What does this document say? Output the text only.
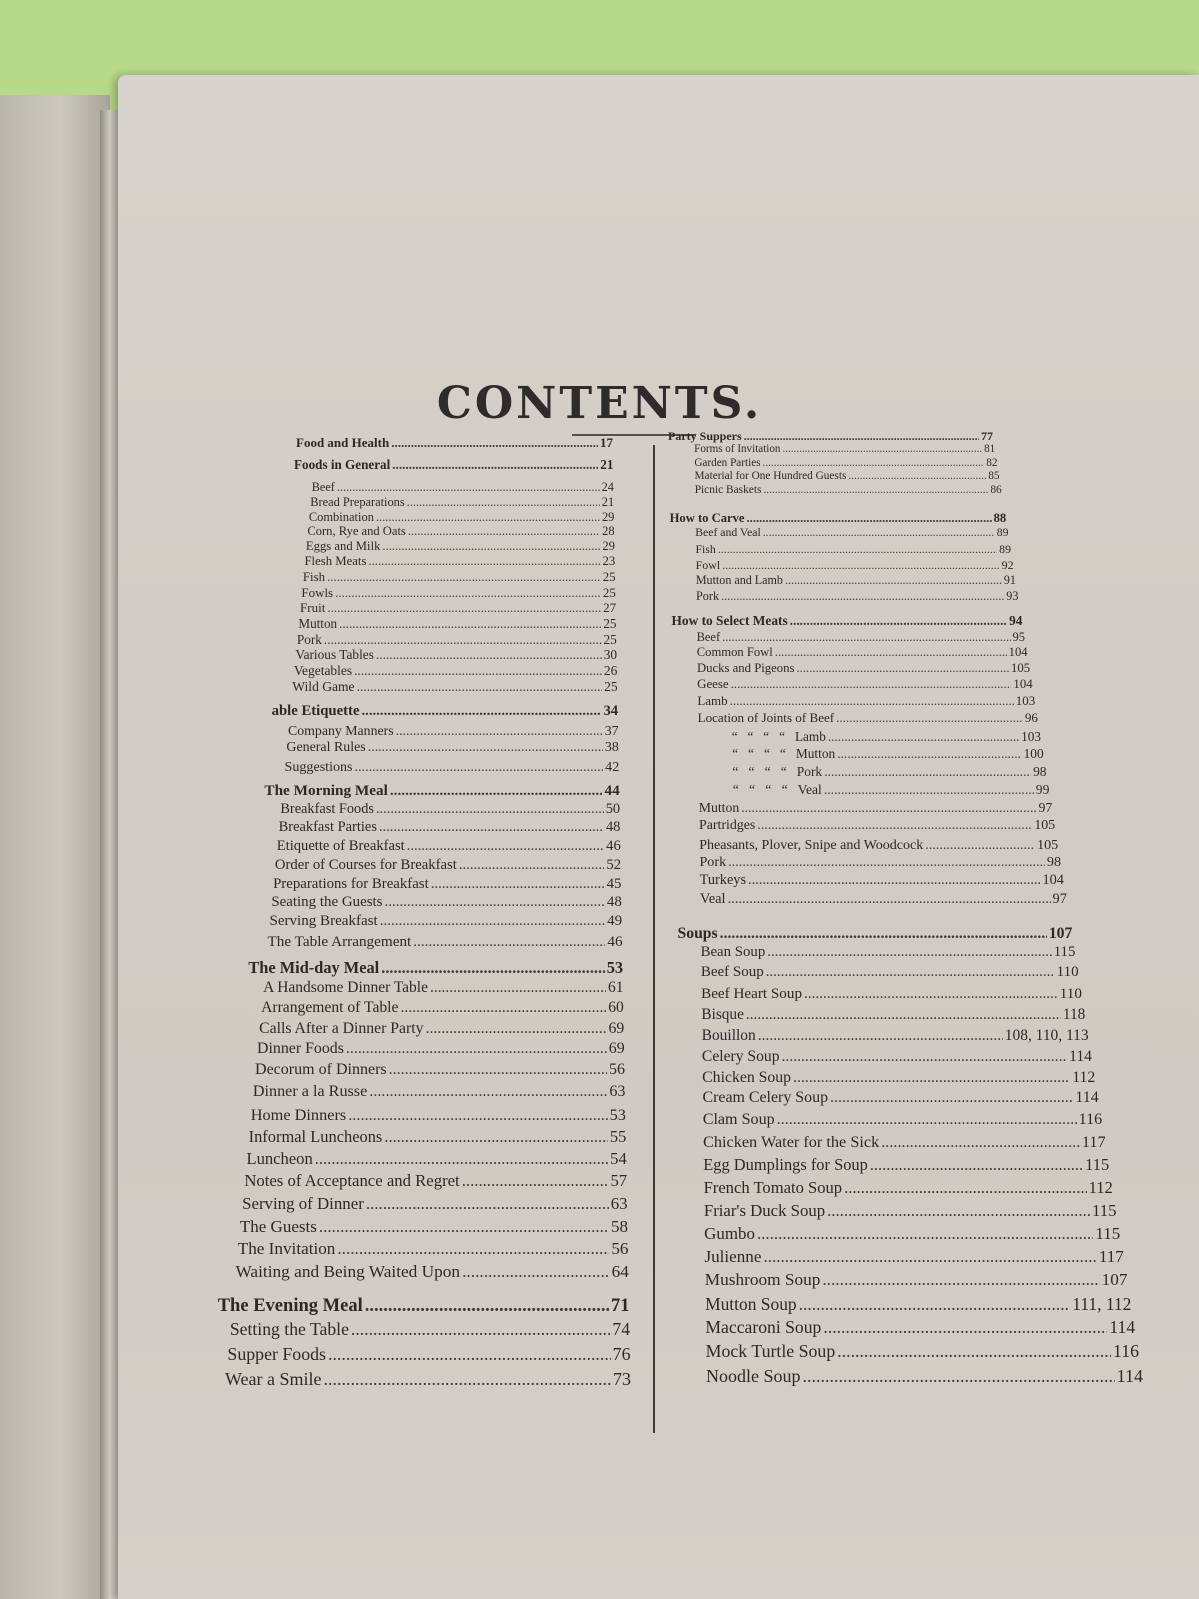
CONTENTS.
Food and Health .....	17
Foods in General .....	21
Beef .....	24
Bread Preparations .....	21
Combination .....	29
Corn, Rye and Oats .....	28
Eggs and Milk .....	29
Flesh Meats .....	23
Fish .....	25
Fowls .....	25
Fruit .....	27
Mutton .....	25
Pork .....	25
Various Tables .....	30
Vegetables .....	26
Wild Game .....	25
able Etiquette .....	34
Company Manners .....	37
General Rules .....	38
Suggestions .....	42
The Morning Meal .....	44
Breakfast Foods .....	50
Breakfast Parties .....	48
Etiquette of Breakfast .....	46
Order of Courses for Breakfast .....	52
Preparations for Breakfast .....	45
Seating the Guests .....	48
Serving Breakfast .....	49
The Table Arrangement .....	46
The Mid-day Meal .....	53
A Handsome Dinner Table .....	61
Arrangement of Table .....	60
Calls After a Dinner Party .....	69
Dinner Foods .....	69
Decorum of Dinners .....	56
Dinner a la Russe .....	63
Home Dinners .....	53
Informal Luncheons .....	55
Luncheon .....	54
Notes of Acceptance and Regret .....	57
Serving of Dinner .....	63
The Guests .....	58
The Invitation .....	56
Waiting and Being Waited Upon .....	64
The Evening Meal .....	71
Setting the Table .....	74
Supper Foods .....	76
Wear a Smile .....	73
Party Suppers .....	77
Forms of Invitation .....	81
Garden Parties .....	82
Material for One Hundred Guests .....	85
Picnic Baskets .....	86
How to Carve .....	88
Beef and Veal .....	89
Fish .....	89
Fowl .....	92
Mutton and Lamb .....	91
Pork .....	93
How to Select Meats .....	94
Beef .....	95
Common Fowl .....	104
Ducks and Pigeons .....	105
Geese .....	104
Lamb .....	103
Location of Joints of Beef .....	96
“   “   “   “ Lamb .....	103
“   “   “   “ Mutton .....	100
“   “   “   “ Pork .....	98
“   “   “   “ Veal .....	99
Mutton .....	97
Partridges .....	105
Pheasants, Plover, Snipe and Woodcock .....	105
Pork .....	98
Turkeys .....	104
Veal .....	97
Soups .....	107
Bean Soup .....	115
Beef Soup .....	110
Beef Heart Soup .....	110
Bisque .....	118
Bouillon .....	108, 110, 113
Celery Soup .....	114
Chicken Soup .....	112
Cream Celery Soup .....	114
Clam Soup .....	116
Chicken Water for the Sick .....	117
Egg Dumplings for Soup .....	115
French Tomato Soup .....	112
Friar's Duck Soup .....	115
Gumbo .....	115
Julienne .....	117
Mushroom Soup .....	107
Mutton Soup .....	111, 112
Maccaroni Soup .....	114
Mock Turtle Soup .....	116
Noodle Soup .....	114
